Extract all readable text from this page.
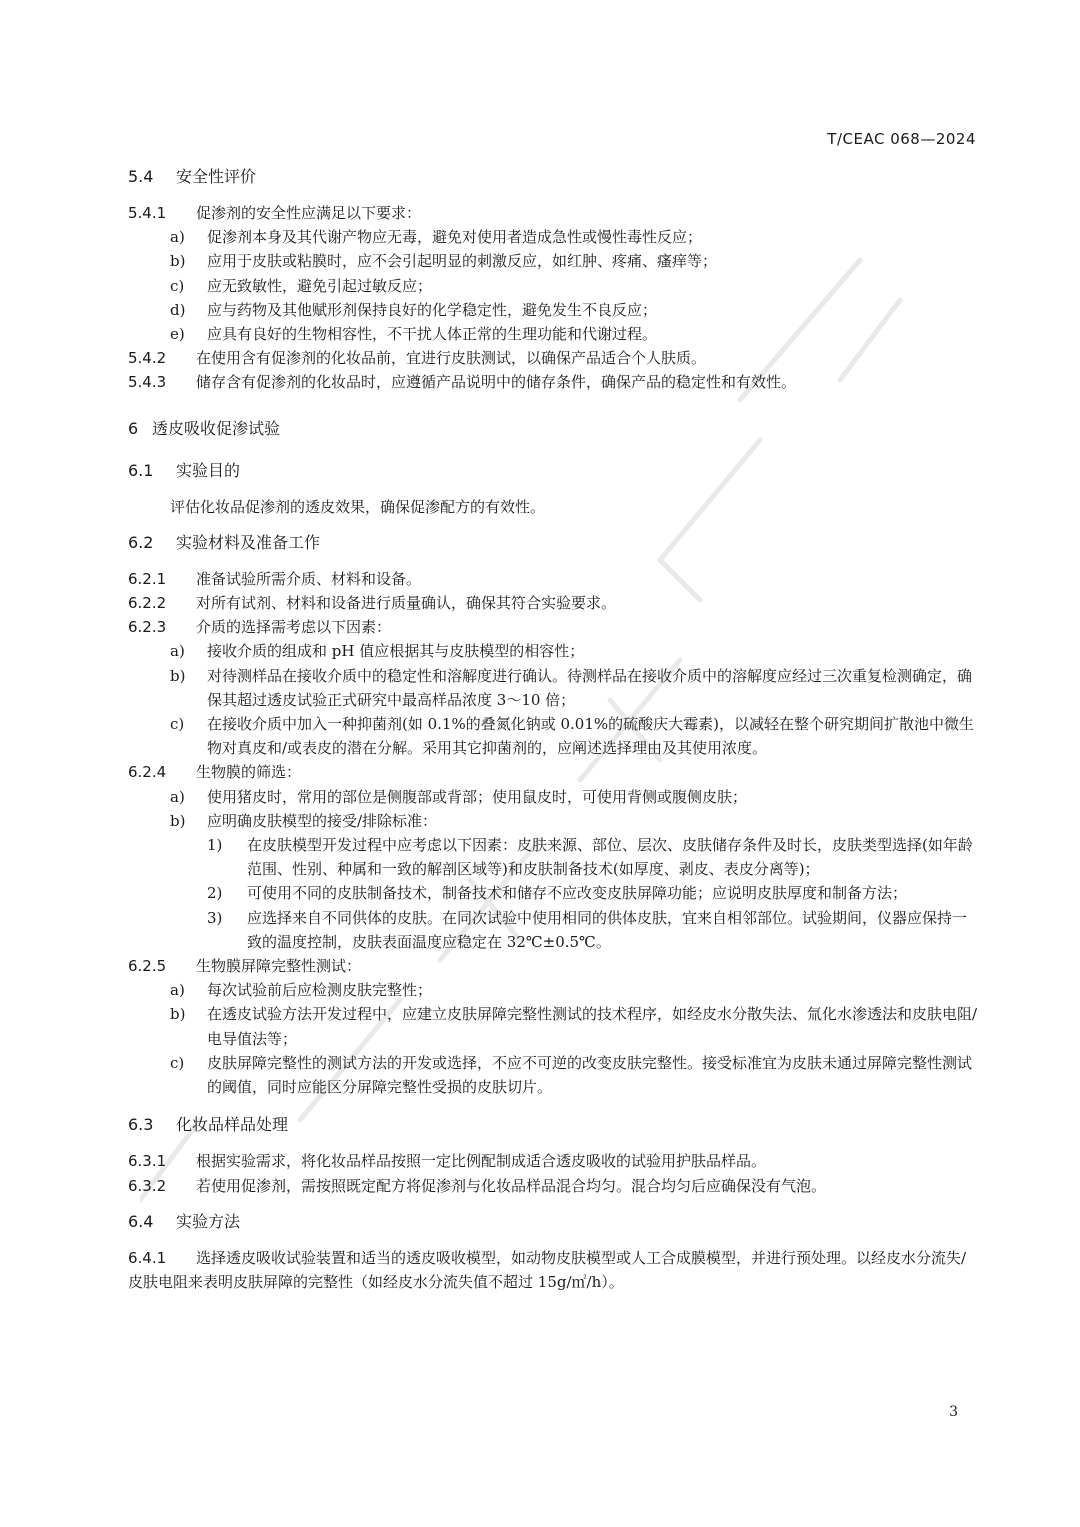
T/CEAC 068—2024
5.4 安全性评价

5.4.1 促渗剂的安全性应满足以下要求：

a) 促渗剂本身及其代谢产物应无毒，避免对使用者造成急性或慢性毒性反应；

b) 应用于皮肤或粘膜时，应不会引起明显的刺激反应，如红肿、疼痛、瘙痒等；

c) 应无致敏性，避免引起过敏反应；

d) 应与药物及其他赋形剂保持良好的化学稳定性，避免发生不良反应；

e) 应具有良好的生物相容性，不干扰人体正常的生理功能和代谢过程。

5.4.2 在使用含有促渗剂的化妆品前，宜进行皮肤测试，以确保产品适合个人肤质。

5.4.3 储存含有促渗剂的化妆品时，应遵循产品说明中的储存条件，确保产品的稳定性和有效性。

6 透皮吸收促渗试验
6.1 实验目的

评估化妆品促渗剂的透皮效果，确保促渗配方的有效性。

6.2 实验材料及准备工作

6.2.1 准备试验所需介质、材料和设备。

6.2.2 对所有试剂、材料和设备进行质量确认，确保其符合实验要求。

6.2.3 介质的选择需考虑以下因素：

a) 接收介质的组成和 pH 值应根据其与皮肤模型的相容性；

b) 对待测样品在接收介质中的稳定性和溶解度进行确认。待测样品在接收介质中的溶解度应经过三次重复检测确定，确保其超过透皮试验正式研究中最高样品浓度 3～10 倍；

c) 在接收介质中加入一种抑菌剂(如 0.1%的叠氮化钠或 0.01%的硫酸庆大霉素)，以减轻在整个研究期间扩散池中微生物对真皮和/或表皮的潜在分解。采用其它抑菌剂的，应阐述选择理由及其使用浓度。

6.2.4 生物膜的筛选：

a) 使用猪皮时，常用的部位是侧腹部或背部；使用鼠皮时，可使用背侧或腹侧皮肤；

b) 应明确皮肤模型的接受/排除标准：

1) 在皮肤模型开发过程中应考虑以下因素：皮肤来源、部位、层次、皮肤储存条件及时长，皮肤类型选择(如年龄范围、性别、种属和一致的解剖区域等)和皮肤制备技术(如厚度、剥皮、表皮分离等)；

2) 可使用不同的皮肤制备技术，制备技术和储存不应改变皮肤屏障功能；应说明皮肤厚度和制备方法；

3) 应选择来自不同供体的皮肤。在同次试验中使用相同的供体皮肤，宜来自相邻部位。试验期间，仪器应保持一致的温度控制，皮肤表面温度应稳定在 32℃±0.5℃。

6.2.5 生物膜屏障完整性测试：

a) 每次试验前后应检测皮肤完整性；

b) 在透皮试验方法开发过程中，应建立皮肤屏障完整性测试的技术程序，如经皮水分散失法、氚化水渗透法和皮肤电阻/电导值法等；

c) 皮肤屏障完整性的测试方法的开发或选择，不应不可逆的改变皮肤完整性。接受标准宜为皮肤未通过屏障完整性测试的阈值，同时应能区分屏障完整性受损的皮肤切片。

6.3 化妆品样品处理

6.3.1 根据实验需求，将化妆品样品按照一定比例配制成适合透皮吸收的试验用护肤品样品。

6.3.2 若使用促渗剂，需按照既定配方将促渗剂与化妆品样品混合均匀。混合均匀后应确保没有气泡。

6.4 实验方法

6.4.1 选择透皮吸收试验装置和适当的透皮吸收模型，如动物皮肤模型或人工合成膜模型，并进行预处理。以经皮水分流失/皮肤电阻来表明皮肤屏障的完整性（如经皮水分流失值不超过 15g/㎡/h）。

3
